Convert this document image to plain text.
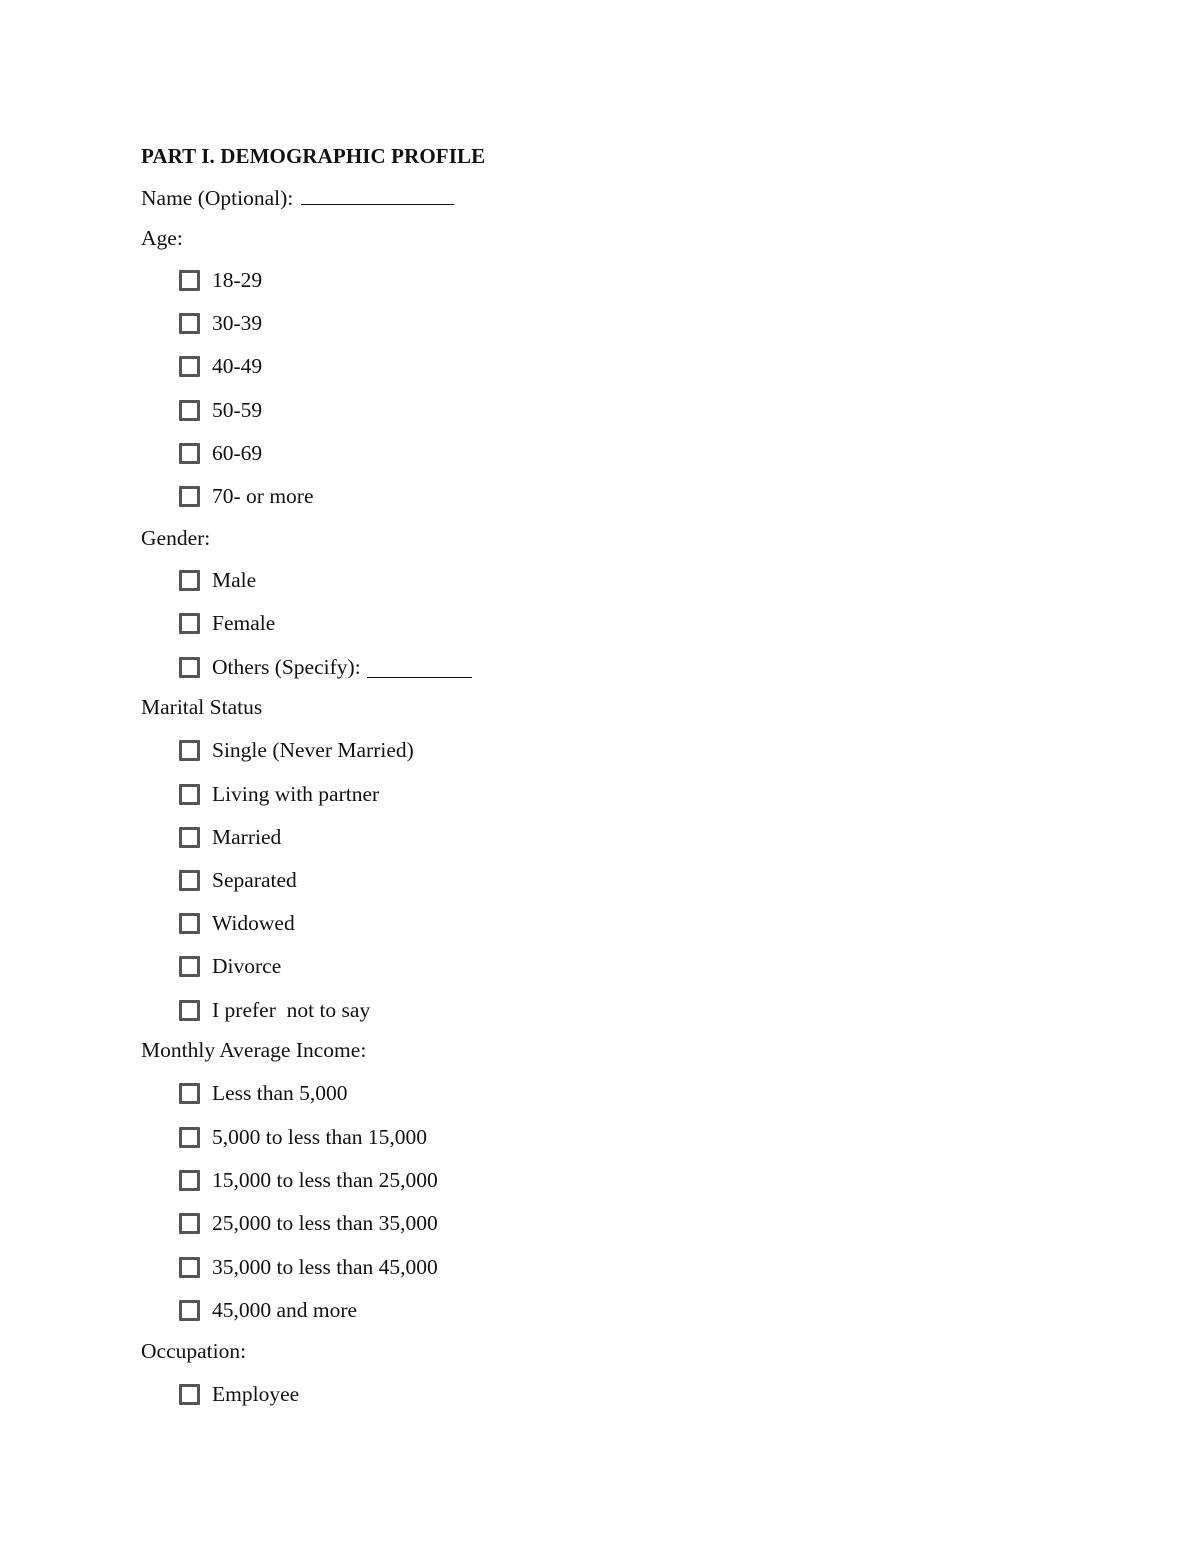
PART I. DEMOGRAPHIC PROFILE
Name (Optional):
Age:
18-29
30-39
40-49
50-59
60-69
70- or more
Gender:
Male
Female
Others (Specify):
Marital Status
Single (Never Married)
Living with partner
Married
Separated
Widowed
Divorce
I prefer  not to say
Monthly Average Income:
Less than 5,000
5,000 to less than 15,000
15,000 to less than 25,000
25,000 to less than 35,000
35,000 to less than 45,000
45,000 and more
Occupation:
Employee
